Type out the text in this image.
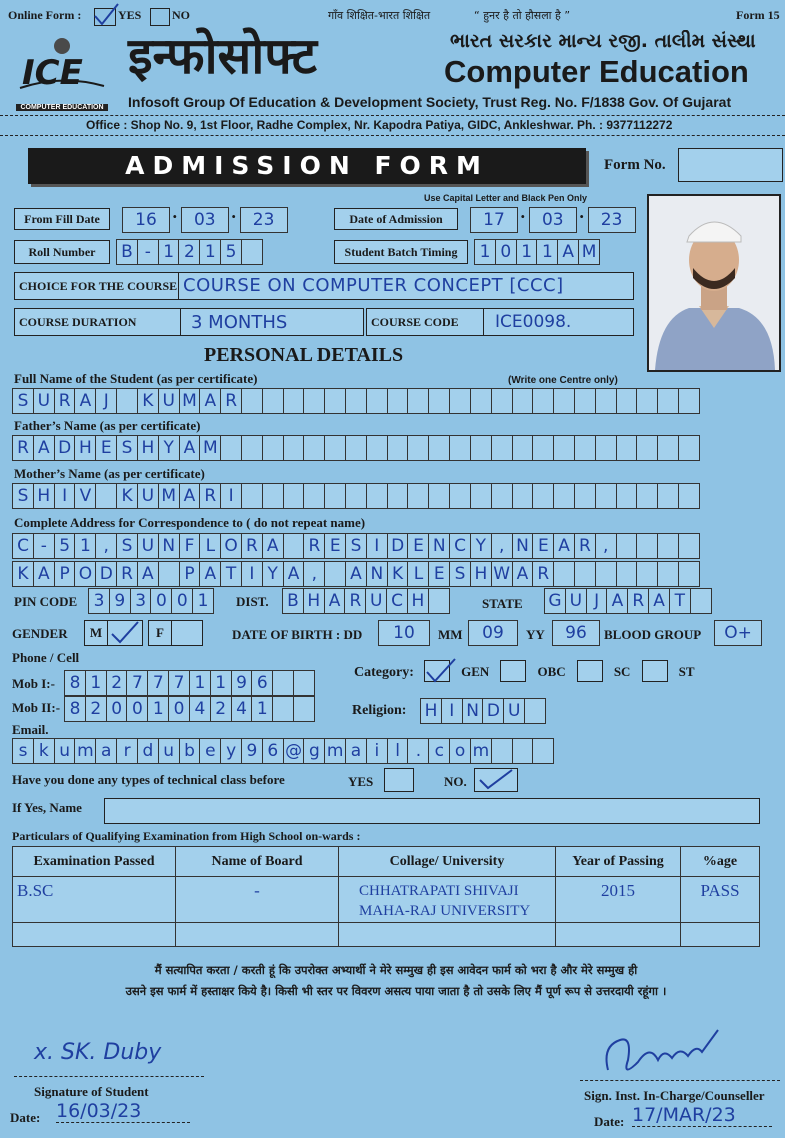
Online Form :	YES	NO	गाँव शिक्षित-भारत शिक्षित	“ हुनर है तो हौसला है ”	Form 15
ICE
COMPUTER EDUCATION
इन्फोसोफ्ट	ભારત સરકાર માન્ય રજી. તાલીમ સંસ્થા
Computer Education
Infosoft Group Of Education & Development Society, Trust Reg. No. F/1838 Gov. Of Gujarat
Office : Shop No. 9, 1st Floor, Radhe Complex, Nr. Kapodra Patiya, GIDC, Ankleshwar. Ph. : 9377112272
ADMISSION FORM	Form No.
Use Capital Letter and Black Pen Only
From Fill Date	16 · 03 · 23	Date of Admission	17 · 03 · 23
Roll Number	B - 1 2 1 5	Student Batch Timing	1 0 1 1 A M
CHOICE FOR THE COURSE COURSE ON COMPUTER CONCEPT [CCC]
COURSE DURATION	3 MONTHS	COURSE CODE ICE0098.
PERSONAL DETAILS
Full Name of the Student (as per certificate)	(Write one Centre only)
S U R A J	K U M A R
Father’s Name (as per certificate)
R A D H E S H Y A M
Mother’s Name (as per certificate)
S H I V	K U M A R I
Complete Address for Correspondence to ( do not repeat name)
C - 5 1 , S U N F L O R A	R E S I D E N C Y , N E A R ,
K A P O D R A	P A T I Y A ,	A N K L E S H W A R
PIN CODE 3 9 3 0 0 1	DIST.	B H A R U C H	STATE G U J A R A T
GENDER	M	F	DATE OF BIRTH : DD	10	MM	09	YY	96	BLOOD GROUP	O+
Phone / Cell
Mob I:- 8 1 2 7 7 7 1 1 9 6
Mob II:- 8 2 0 0 1 0 4 2 4 1
Category:	GEN	OBC	SC	ST
Religion: H I N D U
Email.
s k u m a r d u b e y 9 6 @ g m a i l . c o m
Have you done any types of technical class before	YES	NO.
If Yes, Name
Particulars of Qualifying Examination from High School on-wards :
Examination Passed	Name of Board	Collage/ University	Year of Passing	%age
B.SC	-	CHHATRAPATI SHIVAJI MAHA-RAJ UNIVERSITY	2015	PASS
मैं सत्यापित करता / करती हूं कि उपरोक्त अभ्यार्थी ने मेरे सम्मुख ही इस आवेदन फार्म को भरा है और मेरे सम्मुख ही
उसने इस फार्म में हस्ताक्षर किये है। किसी भी स्तर पर विवरण असत्य पाया जाता है तो उसके लिए मैं पूर्ण रूप से उत्तरदायी रहूंगा ।
x. SK. Duby
Signature of Student
Date: 16/03/23
Sign. Inst. In-Charge/Counseller
Date: 17/MAR/23
